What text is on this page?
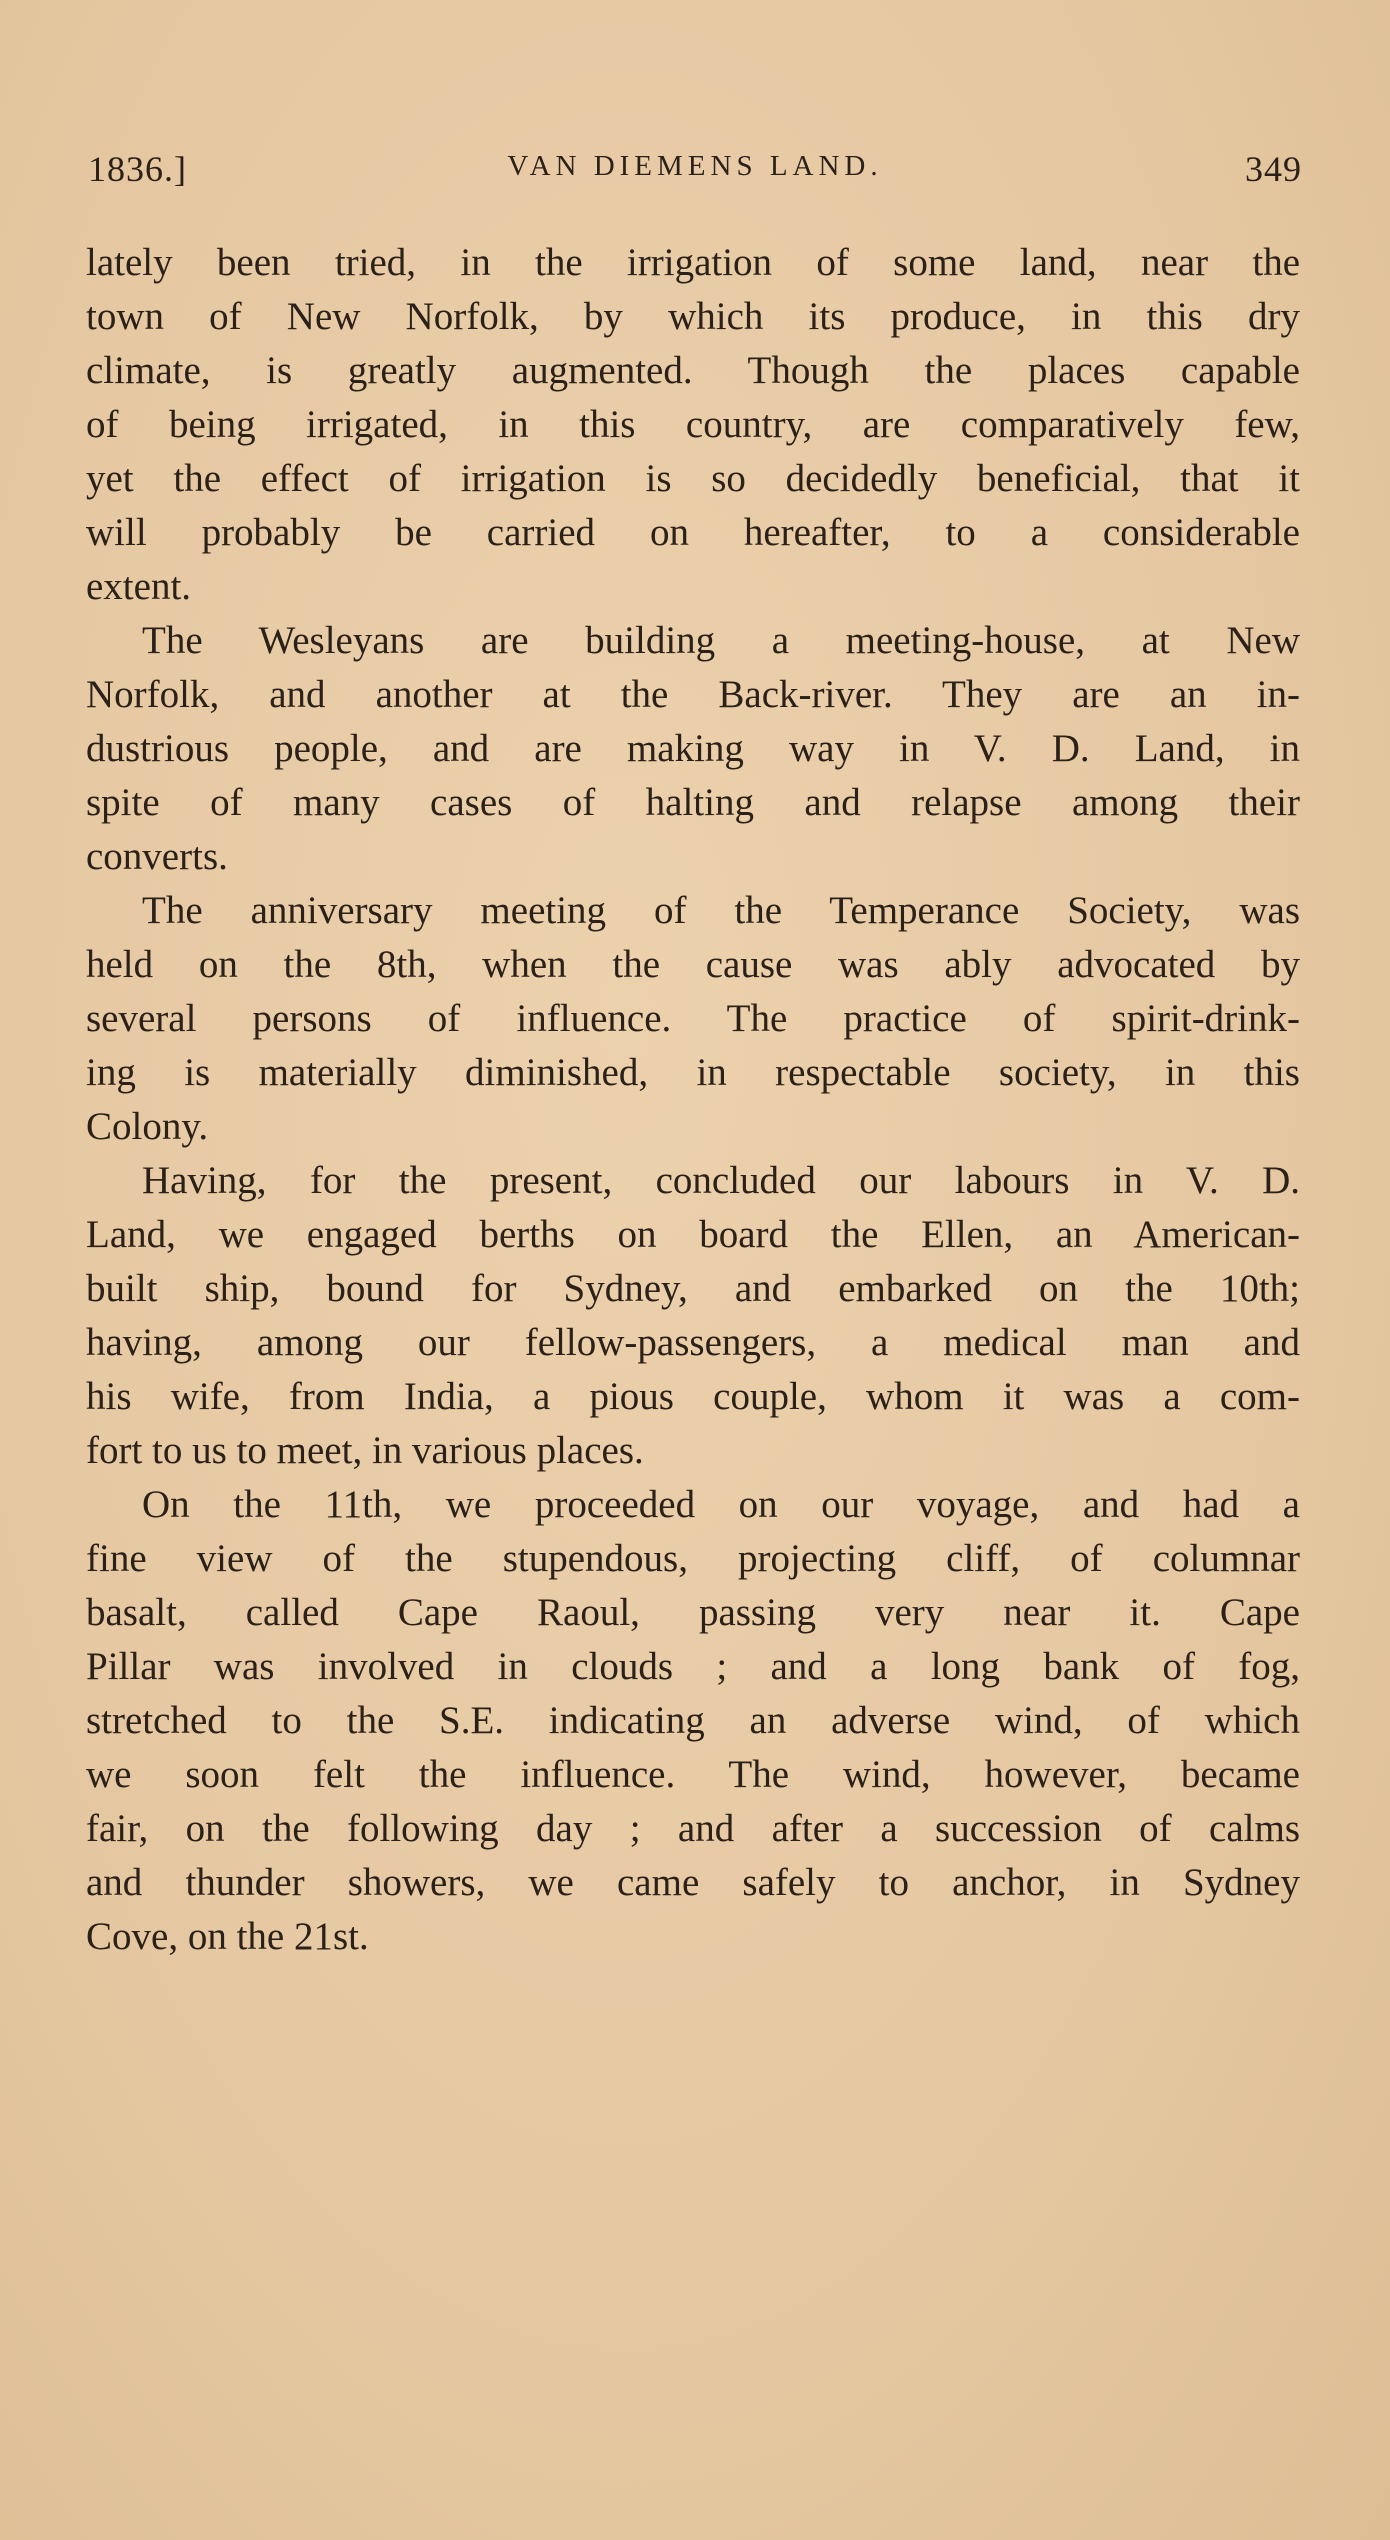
1836.]	VAN DIEMENS LAND.	349
lately been tried, in the irrigation of some land, near the
town of New Norfolk, by which its produce, in this dry
climate, is greatly augmented. Though the places capable
of being irrigated, in this country, are comparatively few,
yet the effect of irrigation is so decidedly beneficial, that it
will probably be carried on hereafter, to a considerable
extent.
The Wesleyans are building a meeting-house, at New
Norfolk, and another at the Back-river. They are an in-
dustrious people, and are making way in V. D. Land, in
spite of many cases of halting and relapse among their
converts.
The anniversary meeting of the Temperance Society, was
held on the 8th, when the cause was ably advocated by
several persons of influence. The practice of spirit-drink-
ing is materially diminished, in respectable society, in this
Colony.
Having, for the present, concluded our labours in V. D.
Land, we engaged berths on board the Ellen, an American-
built ship, bound for Sydney, and embarked on the 10th;
having, among our fellow-passengers, a medical man and
his wife, from India, a pious couple, whom it was a com-
fort to us to meet, in various places.
On the 11th, we proceeded on our voyage, and had a
fine view of the stupendous, projecting cliff, of columnar
basalt, called Cape Raoul, passing very near it. Cape
Pillar was involved in clouds ; and a long bank of fog,
stretched to the S.E. indicating an adverse wind, of which
we soon felt the influence. The wind, however, became
fair, on the following day ; and after a succession of calms
and thunder showers, we came safely to anchor, in Sydney
Cove, on the 21st.
